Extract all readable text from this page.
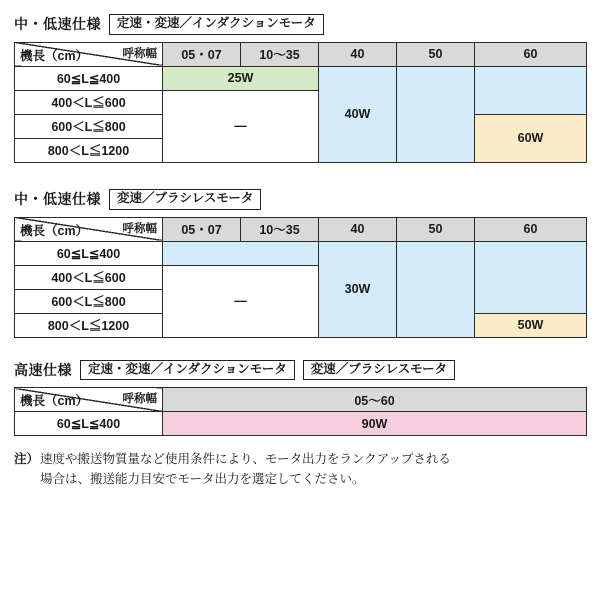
中・低速仕様	定速・変速／インダクションモータ
呼称幅
機長（cm）	05・07	10〜35	40	50	60
60≦L≦400	25W		40W		
400＜L≦600	—				
600＜L≦800					60W
800＜L≦1200					
中・低速仕様	変速／ブラシレスモータ
呼称幅
機長（cm）	05・07	10〜35	40	50	60
60≦L≦400			30W		
400＜L≦600	—				
600＜L≦800					
800＜L≦1200					50W
高速仕様	定速・変速／インダクションモータ	変速／ブラシレスモータ
呼称幅
機長（cm）	05〜60
60≦L≦400	90W
注） 速度や搬送物質量など使用条件により、モータ出力をランクアップされる
場合は、搬送能力目安でモータ出力を選定してください。
